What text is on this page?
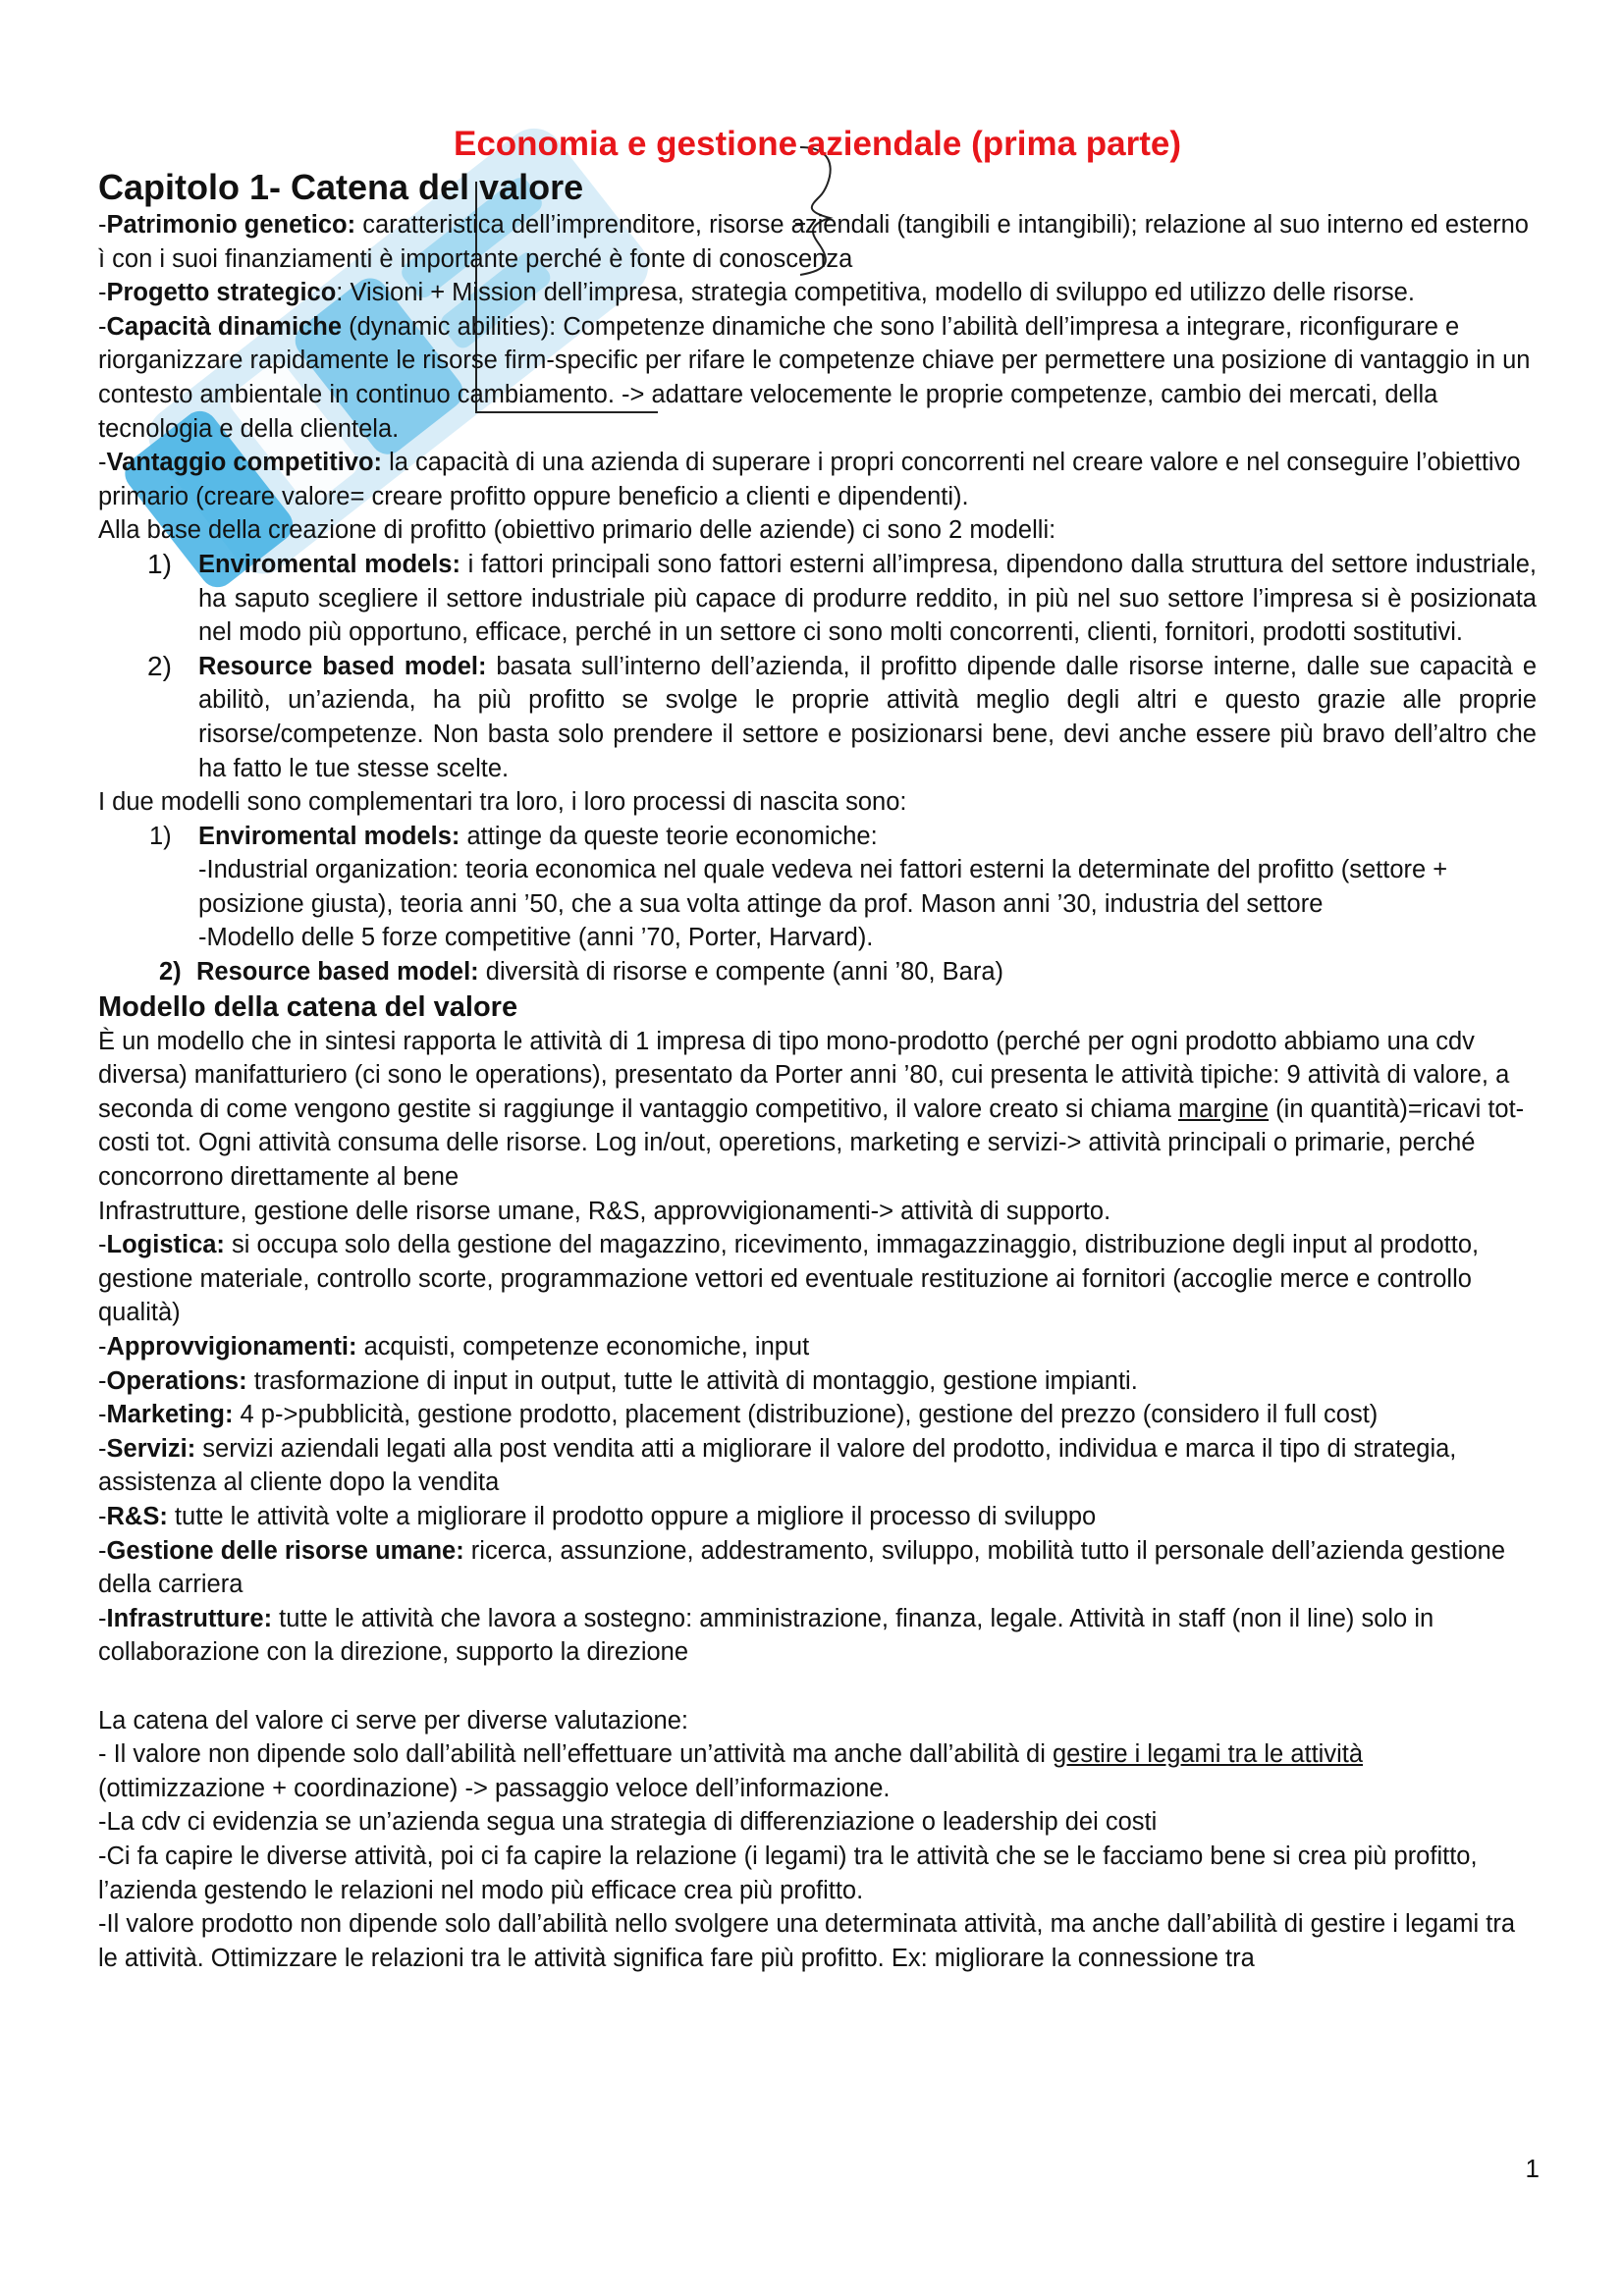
Economia e gestione aziendale (prima parte)
Capitolo 1- Catena del valore

-Patrimonio genetico: caratteristica dell’imprenditore, risorse aziendali (tangibili e intangibili); relazione al suo interno ed esterno ì con i suoi finanziamenti è importante perché è fonte di conoscenza

-Progetto strategico: Visioni + Mission dell’impresa, strategia competitiva, modello di sviluppo ed utilizzo delle risorse.

-Capacità dinamiche (dynamic abilities): Competenze dinamiche che sono l’abilità dell’impresa a integrare, riconfigurare e riorganizzare rapidamente le risorse firm-specific per rifare le competenze chiave per permettere una posizione di vantaggio in un contesto ambientale in continuo cambiamento. -> adattare velocemente le proprie competenze, cambio dei mercati, della tecnologia e della clientela.

-Vantaggio competitivo: la capacità di una azienda di superare i propri concorrenti nel creare valore e nel conseguire l’obiettivo primario (creare valore= creare profitto oppure beneficio a clienti e dipendenti).

Alla base della creazione di profitto (obiettivo primario delle aziende) ci sono 2 modelli:

1) Enviromental models: i fattori principali sono fattori esterni all’impresa, dipendono dalla struttura del settore industriale, ha saputo scegliere il settore industriale più capace di produrre reddito, in più nel suo settore l’impresa si è posizionata nel modo più opportuno, efficace, perché in un settore ci sono molti concorrenti, clienti, fornitori, prodotti sostitutivi.
2) Resource based model: basata sull’interno dell’azienda, il profitto dipende dalle risorse interne, dalle sue capacità e abilitò, un’azienda, ha più profitto se svolge le proprie attività meglio degli altri e questo grazie alle proprie risorse/competenze. Non basta solo prendere il settore e posizionarsi bene, devi anche essere più bravo dell’altro che ha fatto le tue stesse scelte.

I due modelli sono complementari tra loro, i loro processi di nascita sono:

1) Enviromental models: attinge da queste teorie economiche:
-Industrial organization: teoria economica nel quale vedeva nei fattori esterni la determinate del profitto (settore + posizione giusta), teoria anni ’50, che a sua volta attinge da prof. Mason anni ’30, industria del settore
-Modello delle 5 forze competitive (anni ’70, Porter, Harvard).
2) Resource based model: diversità di risorse e compente (anni ’80, Bara)
Modello della catena del valore

È un modello che in sintesi rapporta le attività di 1 impresa di tipo mono-prodotto (perché per ogni prodotto abbiamo una cdv diversa) manifatturiero (ci sono le operations), presentato da Porter anni ’80, cui presenta le attività tipiche: 9 attività di valore, a seconda di come vengono gestite si raggiunge il vantaggio competitivo, il valore creato si chiama margine (in quantità)=ricavi tot-costi tot. Ogni attività consuma delle risorse. Log in/out, operetions, marketing e servizi-> attività principali o primarie, perché concorrono direttamente al bene

Infrastrutture, gestione delle risorse umane, R&S, approvvigionamenti-> attività di supporto.

-Logistica: si occupa solo della gestione del magazzino, ricevimento, immagazzinaggio, distribuzione degli input al prodotto, gestione materiale, controllo scorte, programmazione vettori ed eventuale restituzione ai fornitori (accoglie merce e controllo qualità)

-Approvvigionamenti: acquisti, competenze economiche, input

-Operations: trasformazione di input in output, tutte le attività di montaggio, gestione impianti.

-Marketing: 4 p->pubblicità, gestione prodotto, placement (distribuzione), gestione del prezzo (considero il full cost)

-Servizi: servizi aziendali legati alla post vendita atti a migliorare il valore del prodotto, individua e marca il tipo di strategia, assistenza al cliente dopo la vendita

-R&S: tutte le attività volte a migliorare il prodotto oppure a migliore il processo di sviluppo

-Gestione delle risorse umane: ricerca, assunzione, addestramento, sviluppo, mobilità tutto il personale dell’azienda gestione della carriera

-Infrastrutture: tutte le attività che lavora a sostegno: amministrazione, finanza, legale. Attività in staff (non il line) solo in collaborazione con la direzione, supporto la direzione

La catena del valore ci serve per diverse valutazione:

- Il valore non dipende solo dall’abilità nell’effettuare un’attività ma anche dall’abilità di gestire i legami tra le attività (ottimizzazione + coordinazione) -> passaggio veloce dell’informazione.

-La cdv ci evidenzia se un’azienda segua una strategia di differenziazione o leadership dei costi

-Ci fa capire le diverse attività, poi ci fa capire la relazione (i legami) tra le attività che se le facciamo bene si crea più profitto, l’azienda gestendo le relazioni nel modo più efficace crea più profitto.

-Il valore prodotto non dipende solo dall’abilità nello svolgere una determinata attività, ma anche dall’abilità di gestire i legami tra le attività. Ottimizzare le relazioni tra le attività significa fare più profitto. Ex: migliorare la connessione tra

1
